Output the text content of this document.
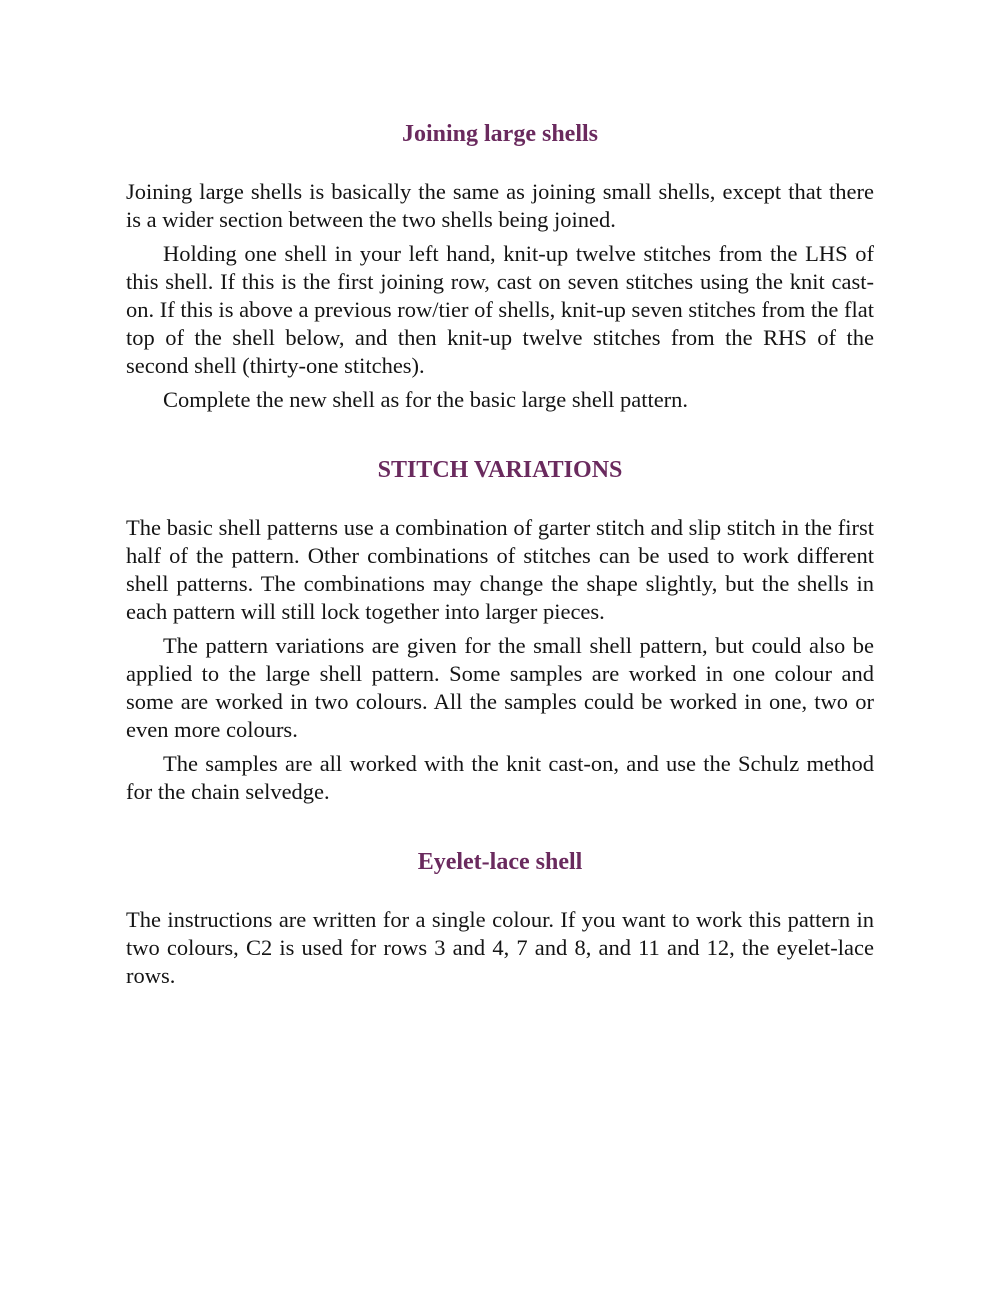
Joining large shells

Joining large shells is basically the same as joining small shells, except that there is a wider section between the two shells being joined.

Holding one shell in your left hand, knit-up twelve stitches from the LHS of this shell. If this is the first joining row, cast on seven stitches using the knit cast-on. If this is above a previous row/tier of shells, knit-up seven stitches from the flat top of the shell below, and then knit-up twelve stitches from the RHS of the second shell (thirty-one stitches).

Complete the new shell as for the basic large shell pattern.

STITCH VARIATIONS

The basic shell patterns use a combination of garter stitch and slip stitch in the first half of the pattern. Other combinations of stitches can be used to work different shell patterns. The combinations may change the shape slightly, but the shells in each pattern will still lock together into larger pieces.

The pattern variations are given for the small shell pattern, but could also be applied to the large shell pattern. Some samples are worked in one colour and some are worked in two colours. All the samples could be worked in one, two or even more colours.

The samples are all worked with the knit cast-on, and use the Schulz method for the chain selvedge.

Eyelet-lace shell

The instructions are written for a single colour. If you want to work this pattern in two colours, C2 is used for rows 3 and 4, 7 and 8, and 11 and 12, the eyelet-lace rows.
